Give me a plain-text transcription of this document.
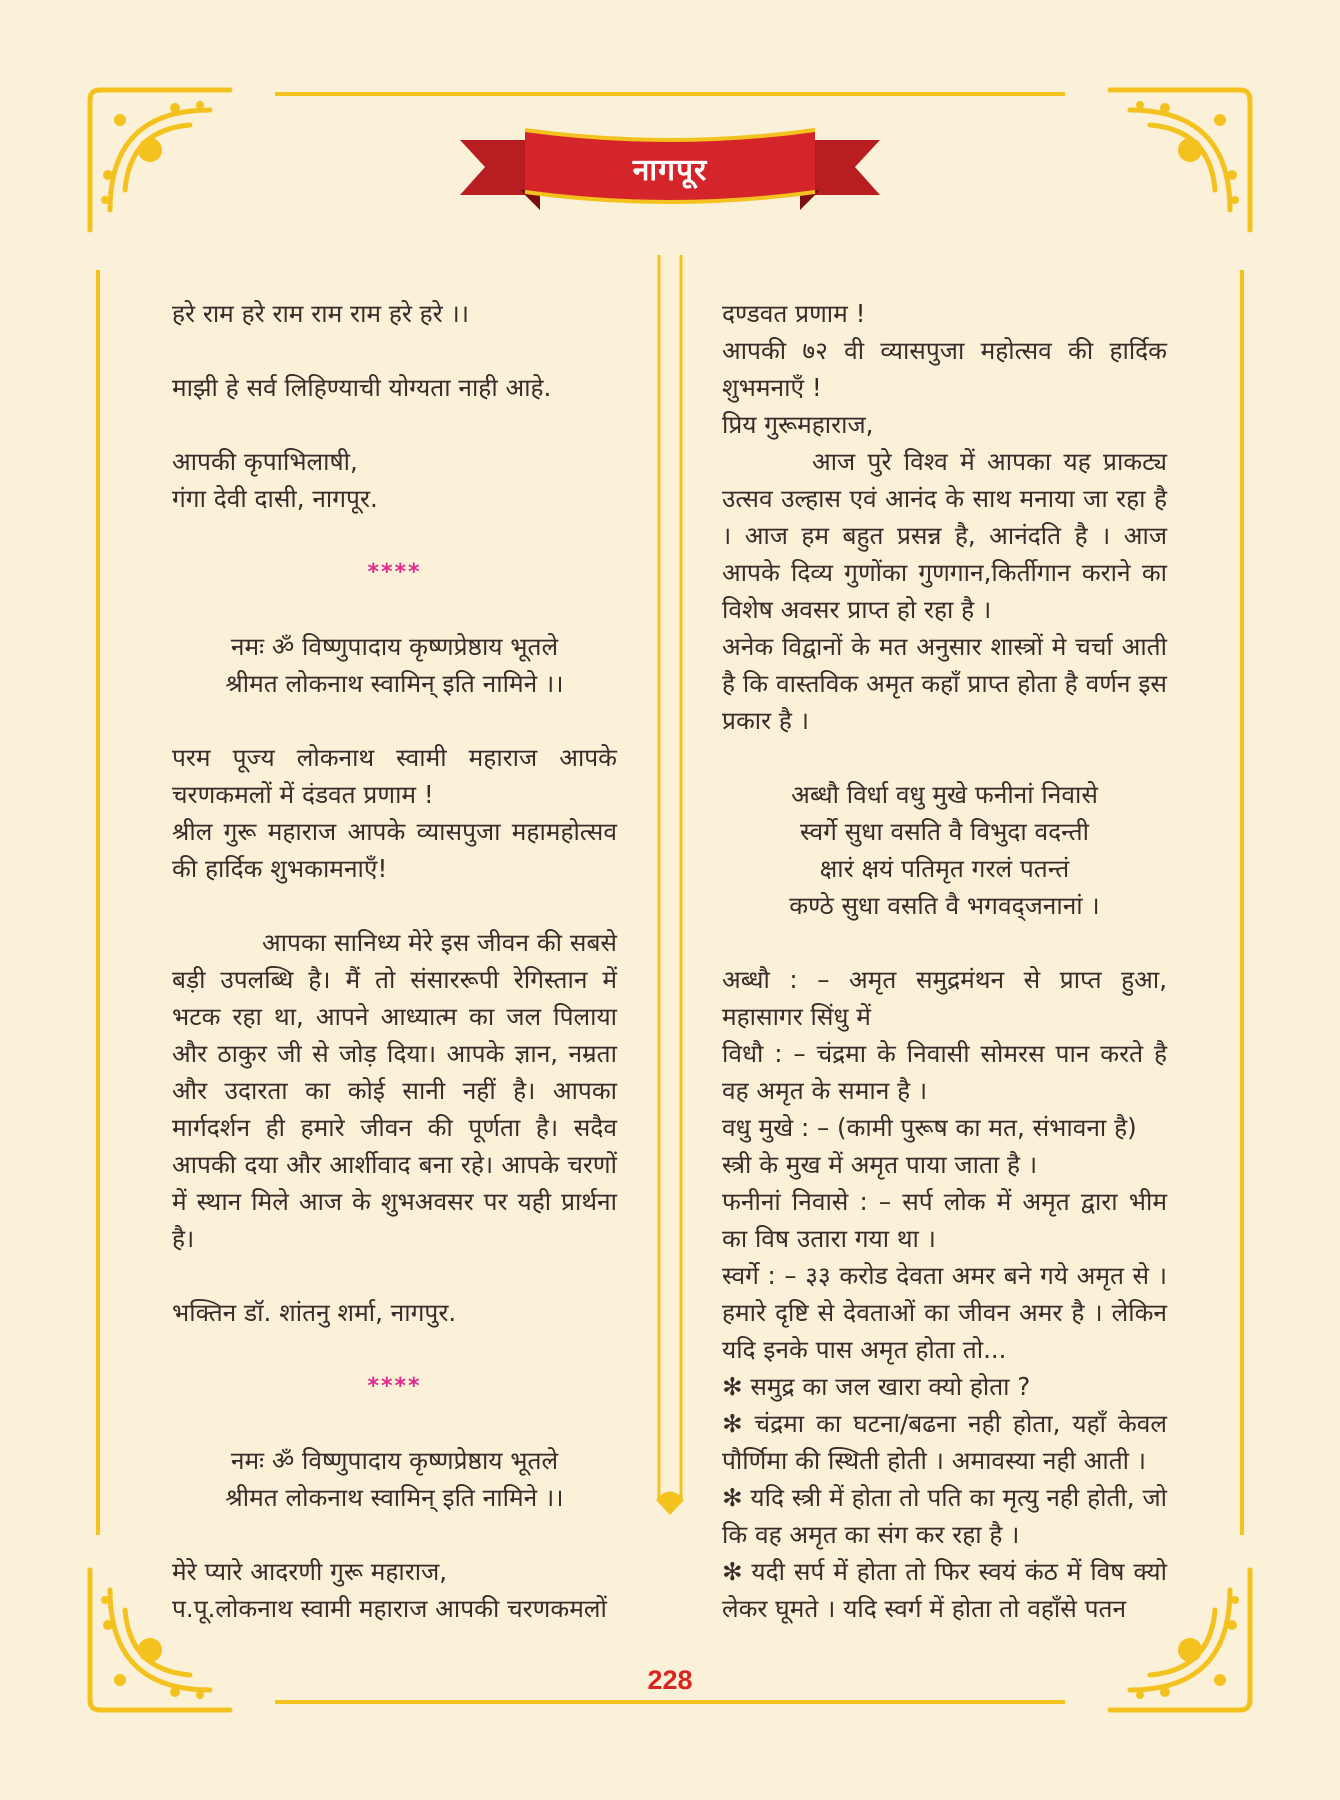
नागपूर

हरे राम हरे राम राम राम हरे हरे ।।

माझी हे सर्व लिहिण्याची योग्यता नाही आहे.

आपकी कृपाभिलाषी,

गंगा देवी दासी, नागपूर.

****

नमः ॐ विष्णुपादाय कृष्णप्रेष्ठाय भूतले

श्रीमत लोकनाथ स्वामिन् इति नामिने ।।

परम पूज्य लोकनाथ स्वामी महाराज आपके चरणकमलों में दंडवत प्रणाम !

श्रील गुरू महाराज आपके व्यासपुजा महामहोत्सव की हार्दिक शुभकामनाएँ!

आपका सानिध्य मेरे इस जीवन की सबसे बड़ी उपलब्धि है। मैं तो संसाररूपी रेगिस्तान में भटक रहा था, आपने आध्यात्म का जल पिलाया और ठाकुर जी से जोड़ दिया। आपके ज्ञान, नम्रता और उदारता का कोई सानी नहीं है। आपका मार्गदर्शन ही हमारे जीवन की पूर्णता है। सदैव आपकी दया और आर्शीवाद बना रहे। आपके चरणों में स्थान मिले आज के शुभअवसर पर यही प्रार्थना है।

भक्तिन डॉ. शांतनु शर्मा, नागपुर.

****

नमः ॐ विष्णुपादाय कृष्णप्रेष्ठाय भूतले

श्रीमत लोकनाथ स्वामिन् इति नामिने ।।

मेरे प्यारे आदरणी गुरू महाराज,

प.पू.लोकनाथ स्वामी महाराज आपकी चरणकमलों

दण्डवत प्रणाम !

आपकी ७२ वी व्यासपुजा महोत्सव की हार्दिक शुभमनाएँ !

प्रिय गुरूमहाराज,

आज पुरे विश्व में आपका यह प्राकट्य उत्सव उल्हास एवं आनंद के साथ मनाया जा रहा है । आज हम बहुत प्रसन्न है, आनंदति है । आज आपके दिव्य गुणोंका गुणगान,किर्तीगान कराने का विशेष अवसर प्राप्त हो रहा है ।

अनेक विद्वानों के मत अनुसार शास्त्रों मे चर्चा आती है कि वास्तविक अमृत कहाँ प्राप्त होता है वर्णन इस प्रकार है ।

अब्धौ विर्धा वधु मुखे फनीनां निवासे

स्वर्गे सुधा वसति वै विभुदा वदन्ती

क्षारं क्षयं पतिमृत गरलं पतन्तं

कण्ठे सुधा वसति वै भगवद्जनानां ।

अब्धौ : – अमृत समुद्रमंथन से प्राप्त हुआ, महासागर सिंधु में

विधौ : – चंद्रमा के निवासी सोमरस पान करते है वह अमृत के समान है ।

वधु मुखे : – (कामी पुरूष का मत, संभावना है)

स्त्री के मुख में अमृत पाया जाता है ।

फनीनां निवासे : – सर्प लोक में अमृत द्वारा भीम का विष उतारा गया था ।

स्वर्गे : – ३३ करोड देवता अमर बने गये अमृत से । हमारे दृष्टि से देवताओं का जीवन अमर है । लेकिन यदि इनके पास अमृत होता तो...

✻ समुद्र का जल खारा क्यो होता ?

✻ चंद्रमा का घटना/बढना नही होता, यहाँ केवल पौर्णिमा की स्थिती होती । अमावस्या नही आती ।

✻ यदि स्त्री में होता तो पति का मृत्यु नही होती, जो कि वह अमृत का संग कर रहा है ।

✻ यदी सर्प में होता तो फिर स्वयं कंठ में विष क्यो लेकर घूमते । यदि स्वर्ग में होता तो वहाँसे पतन

228
